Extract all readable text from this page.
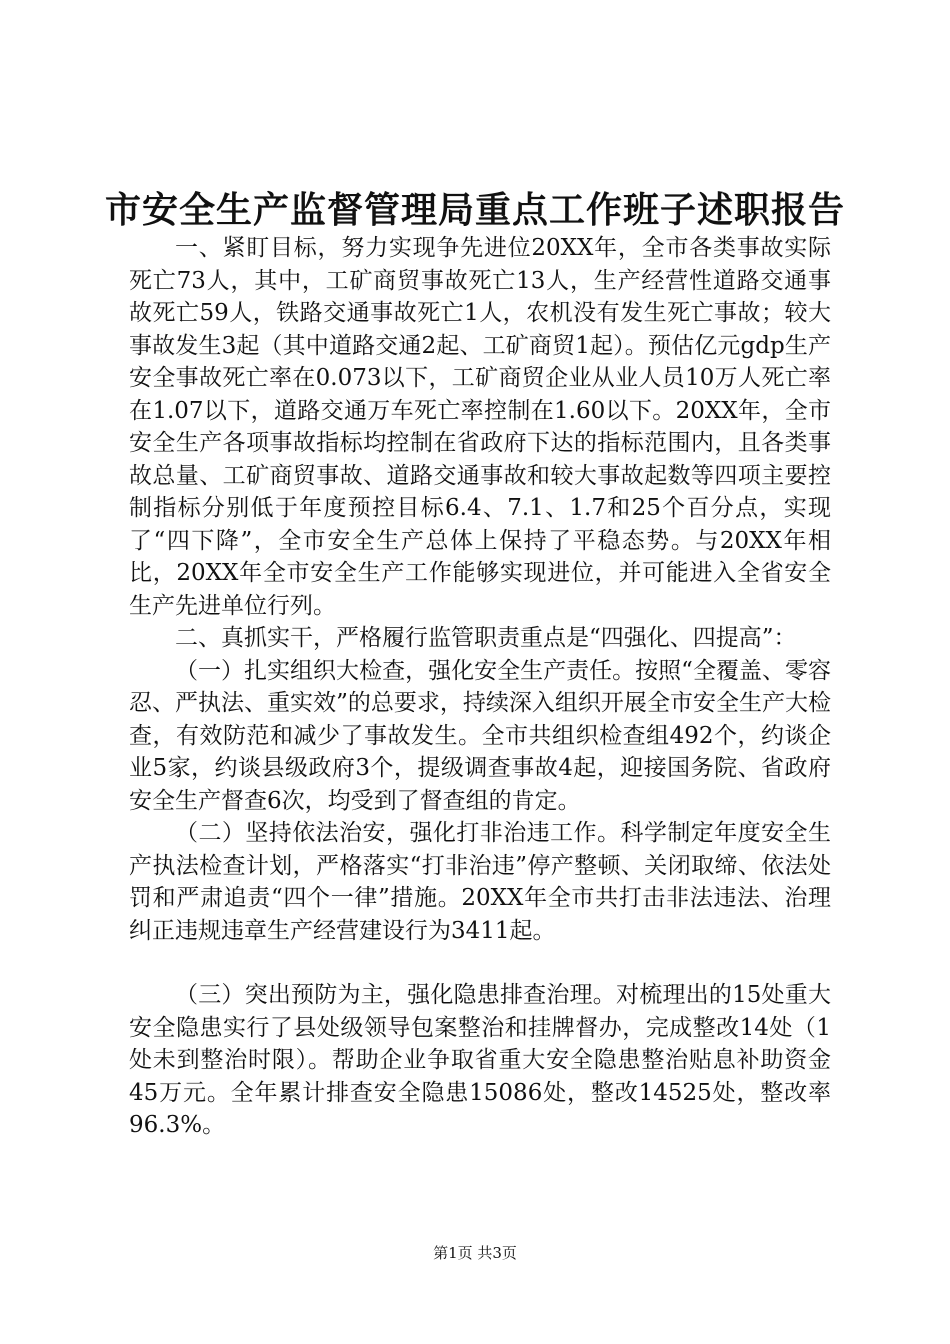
市安全生产监督管理局重点工作班子述职报告

一、紧盯目标，努力实现争先进位20XX年，全市各类事故实际死亡73人，其中，工矿商贸事故死亡13人，生产经营性道路交通事故死亡59人，铁路交通事故死亡1人，农机没有发生死亡事故；较大事故发生3起（其中道路交通2起、工矿商贸1起）。预估亿元gdp生产安全事故死亡率在0.073以下，工矿商贸企业从业人员10万人死亡率在1.07以下，道路交通万车死亡率控制在1.60以下。20XX年，全市安全生产各项事故指标均控制在省政府下达的指标范围内，且各类事故总量、工矿商贸事故、道路交通事故和较大事故起数等四项主要控制指标分别低于年度预控目标6.4、7.1、1.7和25个百分点，实现了“四下降”，全市安全生产总体上保持了平稳态势。与20XX年相比，20XX年全市安全生产工作能够实现进位，并可能进入全省安全生产先进单位行列。

二、真抓实干，严格履行监管职责重点是“四强化、四提高”：

（一）扎实组织大检查，强化安全生产责任。按照“全覆盖、零容忍、严执法、重实效”的总要求，持续深入组织开展全市安全生产大检查，有效防范和减少了事故发生。全市共组织检查组492个，约谈企业5家，约谈县级政府3个，提级调查事故4起，迎接国务院、省政府安全生产督查6次，均受到了督查组的肯定。

（二）坚持依法治安，强化打非治违工作。科学制定年度安全生产执法检查计划，严格落实“打非治违”停产整顿、关闭取缔、依法处罚和严肃追责“四个一律”措施。20XX年全市共打击非法违法、治理纠正违规违章生产经营建设行为3411起。

（三）突出预防为主，强化隐患排查治理。对梳理出的15处重大安全隐患实行了县处级领导包案整治和挂牌督办，完成整改14处（1处未到整治时限）。帮助企业争取省重大安全隐患整治贴息补助资金45万元。全年累计排查安全隐患15086处，整改14525处，整改率96.3%。

第1页 共3页
